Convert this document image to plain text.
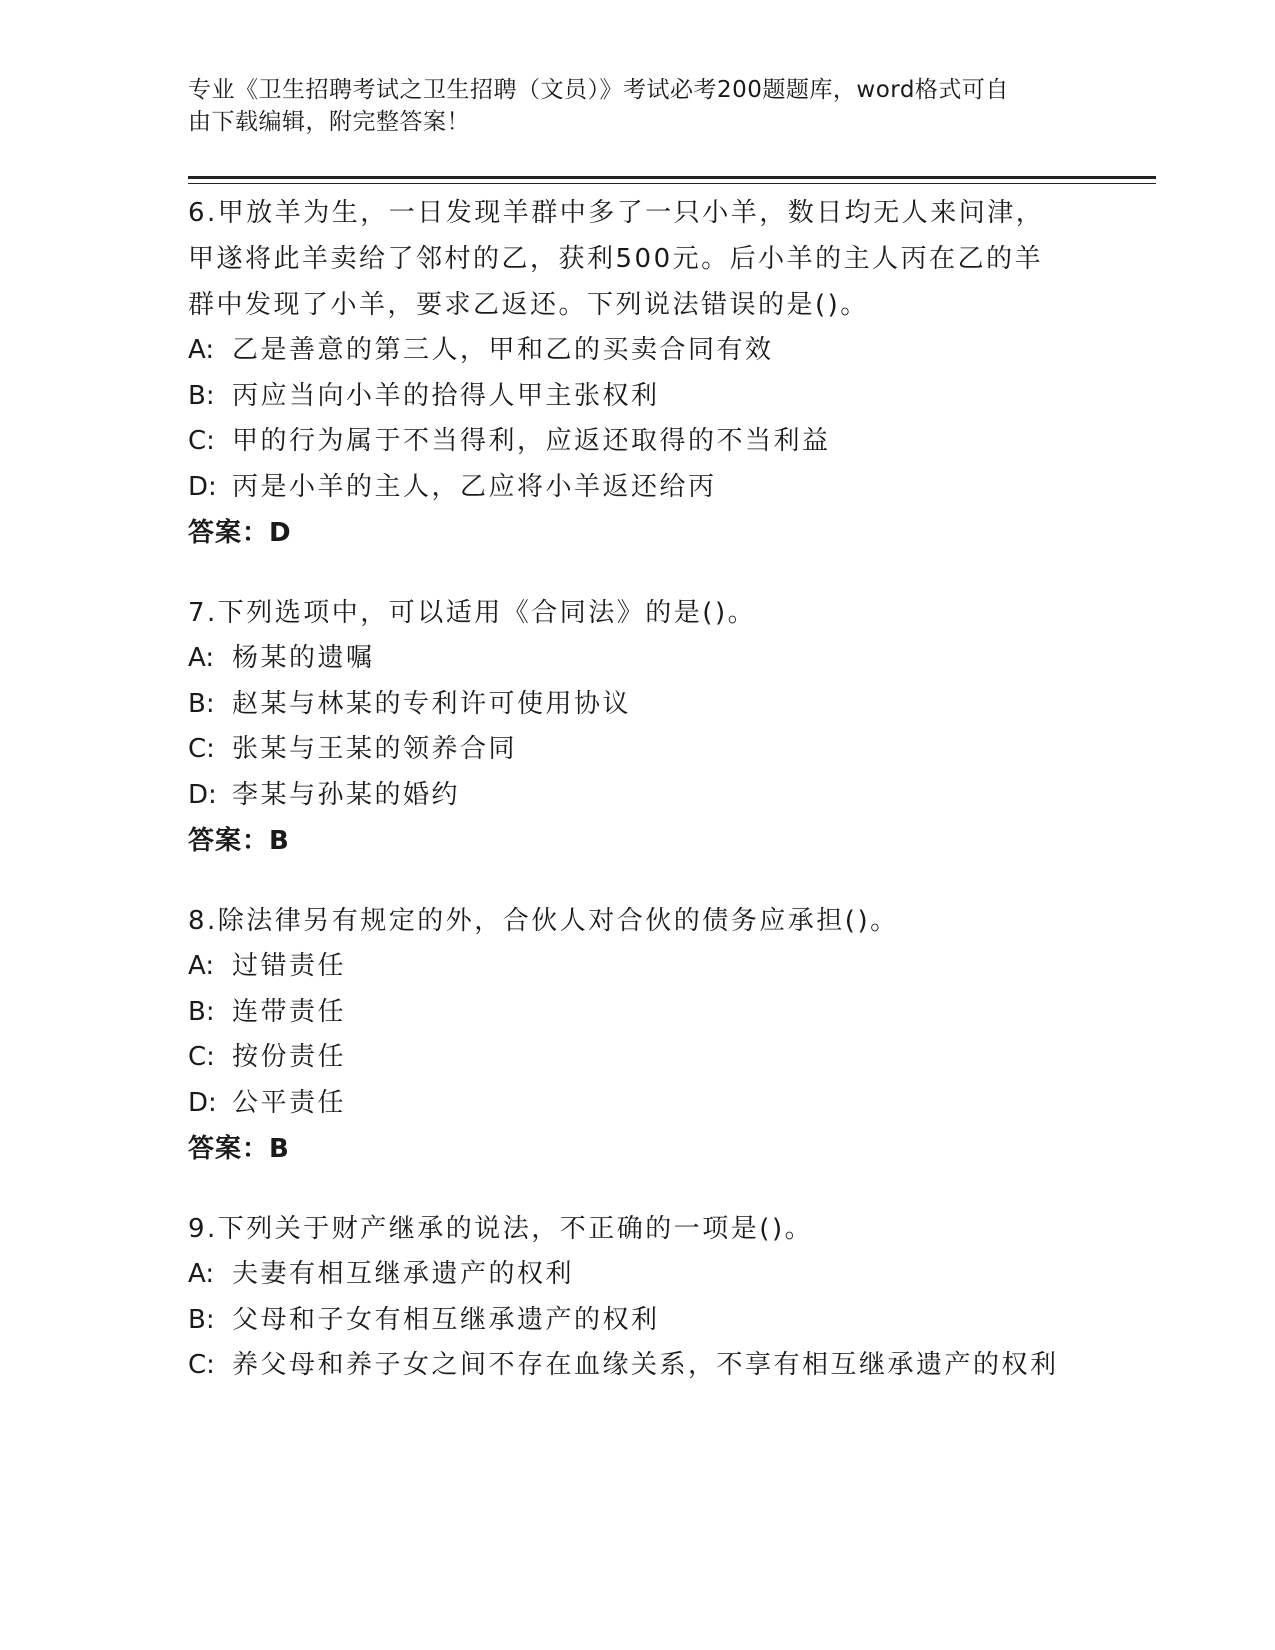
专业《卫生招聘考试之卫生招聘（文员）》考试必考200题题库，word格式可自
由下载编辑，附完整答案！

6.甲放羊为生，一日发现羊群中多了一只小羊，数日均无人来问津，

甲遂将此羊卖给了邻村的乙，获利500元。后小羊的主人丙在乙的羊

群中发现了小羊，要求乙返还。下列说法错误的是()。

A: 乙是善意的第三人，甲和乙的买卖合同有效

B: 丙应当向小羊的拾得人甲主张权利

C: 甲的行为属于不当得利，应返还取得的不当利益

D: 丙是小羊的主人，乙应将小羊返还给丙

答案：D

7.下列选项中，可以适用《合同法》的是()。

A: 杨某的遗嘱

B: 赵某与林某的专利许可使用协议

C: 张某与王某的领养合同

D: 李某与孙某的婚约

答案：B

8.除法律另有规定的外，合伙人对合伙的债务应承担()。

A: 过错责任

B: 连带责任

C: 按份责任

D: 公平责任

答案：B

9.下列关于财产继承的说法，不正确的一项是()。

A: 夫妻有相互继承遗产的权利

B: 父母和子女有相互继承遗产的权利

C: 养父母和养子女之间不存在血缘关系，不享有相互继承遗产的权利
